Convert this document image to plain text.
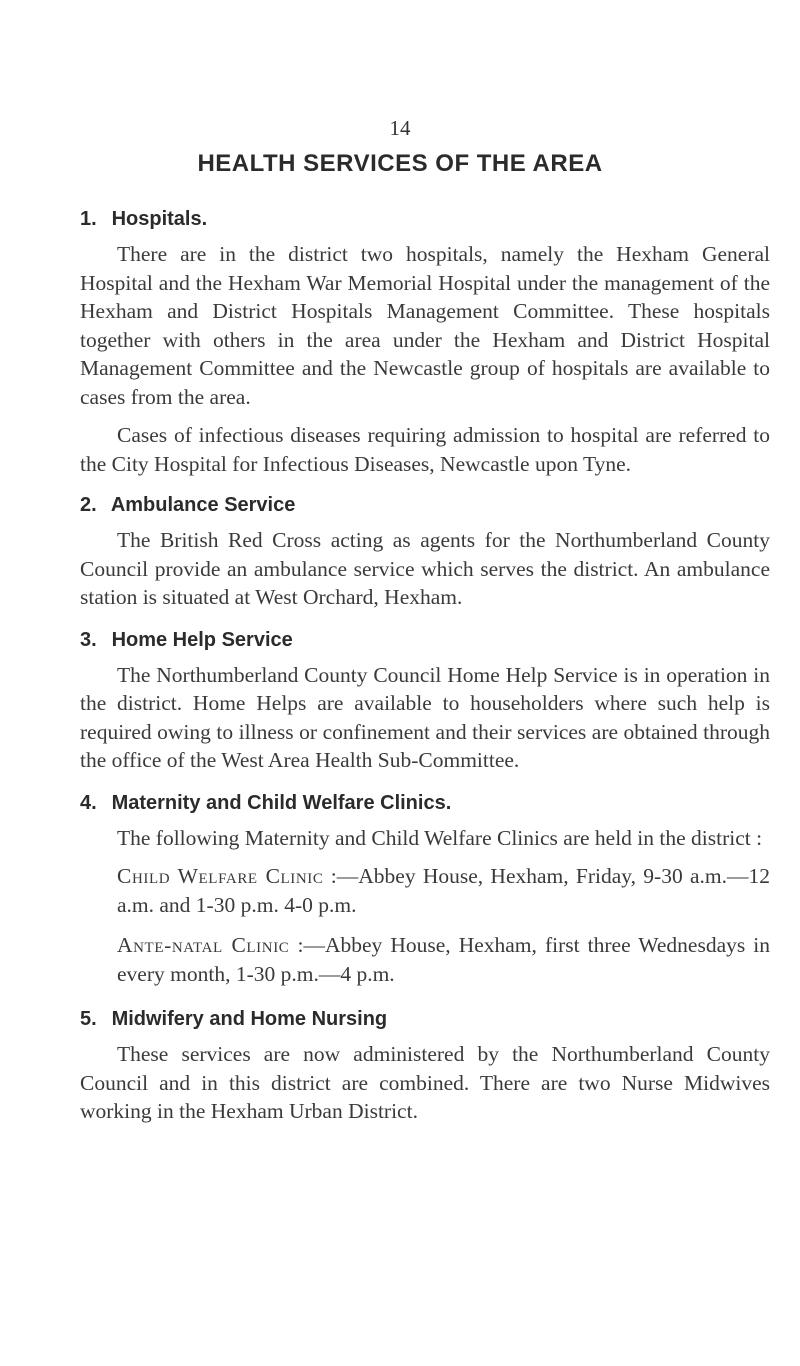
14
HEALTH SERVICES OF THE AREA
1. Hospitals.

There are in the district two hospitals, namely the Hexham General Hospital and the Hexham War Memorial Hospital under the management of the Hexham and District Hospitals Management Committee. These hospitals together with others in the area under the Hexham and District Hospital Management Committee and the Newcastle group of hospitals are available to cases from the area.

Cases of infectious diseases requiring admission to hospital are referred to the City Hospital for Infectious Diseases, Newcastle upon Tyne.

2. Ambulance Service

The British Red Cross acting as agents for the Northumberland County Council provide an ambulance service which serves the district. An ambulance station is situated at West Orchard, Hexham.

3. Home Help Service

The Northumberland County Council Home Help Service is in operation in the district. Home Helps are available to householders where such help is required owing to illness or confinement and their services are obtained through the office of the West Area Health Sub-Committee.

4. Maternity and Child Welfare Clinics.

The following Maternity and Child Welfare Clinics are held in the district :

Child Welfare Clinic :—Abbey House, Hexham, Friday, 9-30 a.m.—12 a.m. and 1-30 p.m. 4-0 p.m.

Ante-natal Clinic :—Abbey House, Hexham, first three Wednesdays in every month, 1-30 p.m.—4 p.m.

5. Midwifery and Home Nursing

These services are now administered by the Northumberland County Council and in this district are combined. There are two Nurse Midwives working in the Hexham Urban District.
